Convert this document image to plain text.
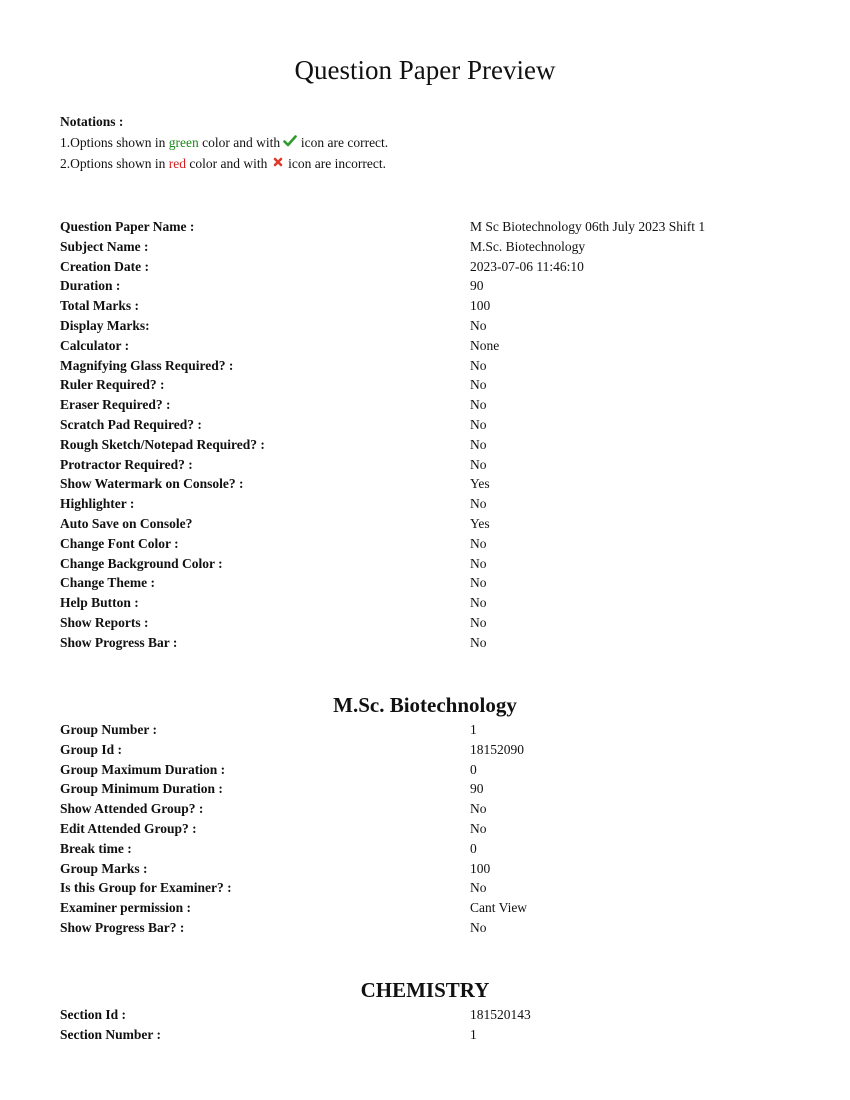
Question Paper Preview
Notations :
1.Options shown in green color and with  icon are correct.
2.Options shown in red color and with  icon are incorrect.
Question Paper Name :	M Sc Biotechnology 06th July 2023 Shift 1
Subject Name :	M.Sc. Biotechnology
Creation Date :	2023-07-06 11:46:10
Duration :	90
Total Marks :	100
Display Marks:	No
Calculator :	None
Magnifying Glass Required? :	No
Ruler Required? :	No
Eraser Required? :	No
Scratch Pad Required? :	No
Rough Sketch/Notepad Required? :	No
Protractor Required? :	No
Show Watermark on Console? :	Yes
Highlighter :	No
Auto Save on Console?	Yes
Change Font Color :	No
Change Background Color :	No
Change Theme :	No
Help Button :	No
Show Reports :	No
Show Progress Bar :	No
M.Sc. Biotechnology
Group Number :	1
Group Id :	18152090
Group Maximum Duration :	0
Group Minimum Duration :	90
Show Attended Group? :	No
Edit Attended Group? :	No
Break time :	0
Group Marks :	100
Is this Group for Examiner? :	No
Examiner permission :	Cant View
Show Progress Bar? :	No
CHEMISTRY
Section Id :	181520143
Section Number :	1
